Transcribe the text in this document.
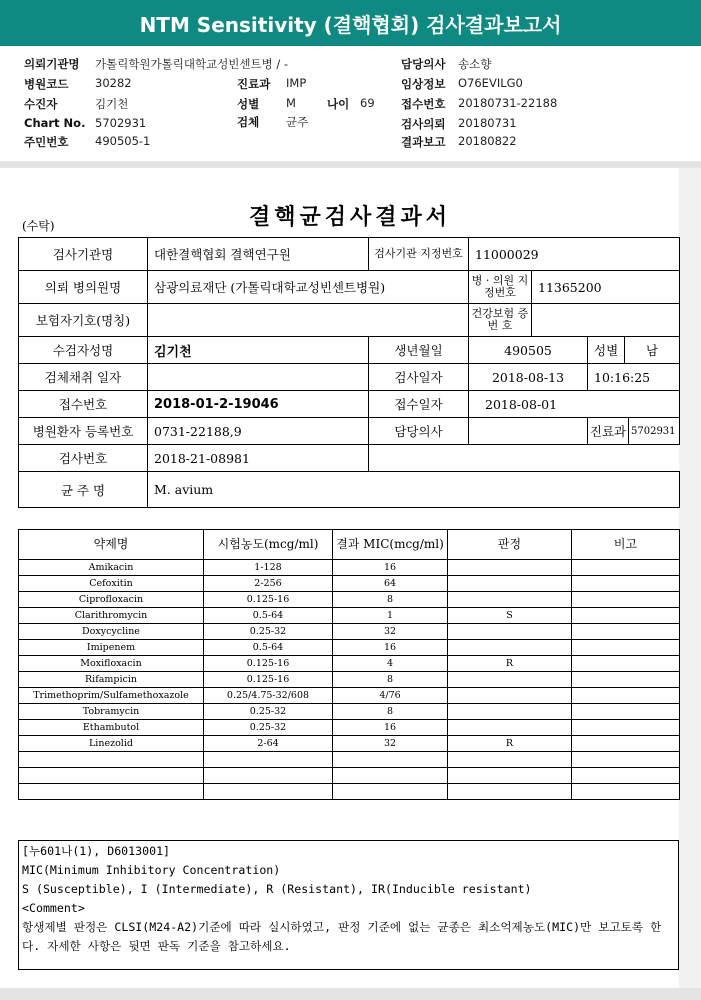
NTM Sensitivity (결핵협회) 검사결과보고서
의뢰기관명 가톨릭학원가톨릭대학교성빈센트병 / -
병원코드 30282
수진자	김기천
Chart No. 5702931
주민번호 490505-1
진료과 IMP
성별 M	나이 69
검체 균주
담당의사 송소향
임상정보 O76EVILG0
접수번호 20180731-22188
검사의뢰 20180731
결과보고 20180822
(수탁)	결핵균검사결과서
검사기관명	대한결핵협회 결핵연구원	검사기관 지정번호	11000029
의뢰 병의원명	삼광의료재단 (가톨릭대학교성빈센트병원)		병 · 의원 지정번호	11365200

보험자기호(명칭)			건강보험 증 번 호	

수검자성명	김기천	생년월일	490505	성별	남
검체채취 일자		검사일자	2018-08-13	10:16:25
접수번호	2018-01-2-19046	접수일자	2018-08-01
병원환자 등록번호	0731-22188,9	담당의사			진료과	5702931

검사번호	2018-21-08981	
균 주 명	M. avium
약제명	시험농도(mcg/ml)	결과 MIC(mcg/ml)	판정	비고
Amikacin	1-128	16		
Cefoxitin	2-256	64		
Ciprofloxacin	0.125-16	8		
Clarithromycin	0.5-64	1	S	
Doxycycline	0.25-32	32		
Imipenem	0.5-64	16		
Moxifloxacin	0.125-16	4	R	
Rifampicin	0.125-16	8		
Trimethoprim/Sulfamethoxazole	0.25/4.75-32/608	4/76		
Tobramycin	0.25-32	8		
Ethambutol	0.25-32	16		
Linezolid	2-64	32	R	

[누601나(1), D6013001]
MIC(Minimum Inhibitory Concentration)
S (Susceptible), I (Intermediate), R (Resistant), IR(Inducible resistant)
<Comment>
항생제별 판정은 CLSI(M24-A2)기준에 따라 실시하였고, 판정 기준에 없는 균종은 최소억제농도(MIC)만 보고토록 한다. 자세한 사항은 뒷면 판독 기준을 참고하세요.
